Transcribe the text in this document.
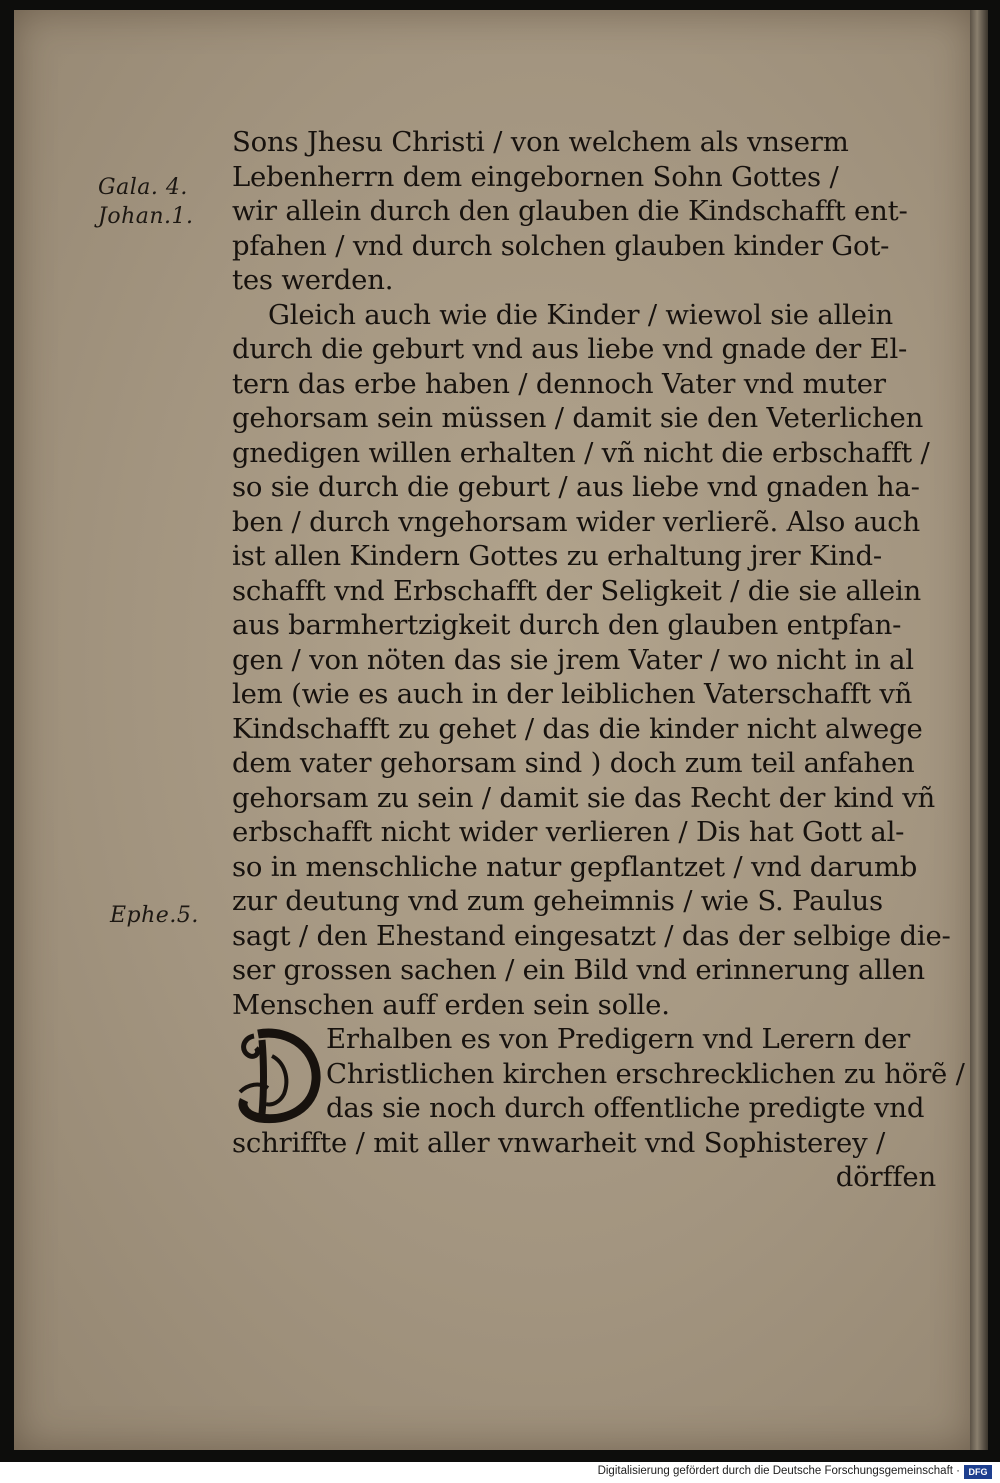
Gala. 4.
Johan.1.
Ephe.5.
Sons Jhesu Christi / von welchem als vnserm
Lebenherrn dem eingebornen Sohn Gottes /
wir allein durch den glauben die Kindschafft ent-
pfahen / vnd durch solchen glauben kinder Got-
tes werden.
Gleich auch wie die Kinder / wiewol sie allein
durch die geburt vnd aus liebe vnd gnade der El-
tern das erbe haben / dennoch Vater vnd muter
gehorsam sein müssen / damit sie den Veterlichen
gnedigen willen erhalten / vñ nicht die erbschafft /
so sie durch die geburt / aus liebe vnd gnaden ha-
ben / durch vngehorsam wider verlierẽ. Also auch
ist allen Kindern Gottes zu erhaltung jrer Kind-
schafft vnd Erbschafft der Seligkeit / die sie allein
aus barmhertzigkeit durch den glauben entpfan-
gen / von nöten das sie jrem Vater / wo nicht in al
lem (wie es auch in der leiblichen Vaterschafft vñ
Kindschafft zu gehet / das die kinder nicht alwege
dem vater gehorsam sind ) doch zum teil anfahen
gehorsam zu sein / damit sie das Recht der kind vñ
erbschafft nicht wider verlieren / Dis hat Gott al-
so in menschliche natur gepflantzet / vnd darumb
zur deutung vnd zum geheimnis / wie S. Paulus
sagt / den Ehestand eingesatzt / das der selbige die-
ser grossen sachen / ein Bild vnd erinnerung allen
Menschen auff erden sein solle.
Erhalben es von Predigern vnd Lerern der
Christlichen kirchen erschrecklichen zu hörẽ /
das sie noch durch offentliche predigte vnd
schriffte / mit aller vnwarheit vnd Sophisterey /
dörffen
Digitalisierung gefördert durch die Deutsche Forschungsgemeinschaft · DFG
